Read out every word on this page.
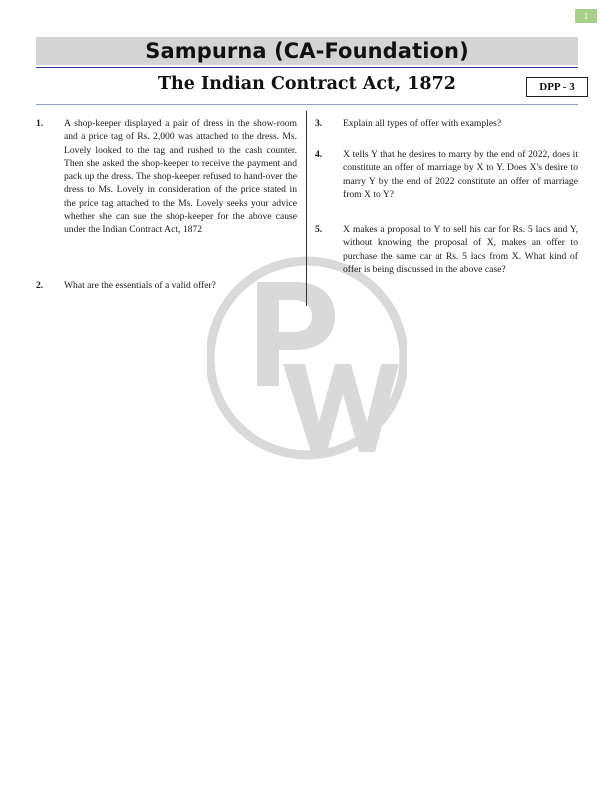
1
Sampurna (CA-Foundation)
The Indian Contract Act, 1872	DPP - 3
1.	A shop-keeper displayed a pair of dress in the show-room and a price tag of Rs. 2,000 was attached to the dress. Ms. Lovely looked to the tag and rushed to the cash counter. Then she asked the shop-keeper to receive the payment and pack up the dress. The shop-keeper refused to hand-over the dress to Ms. Lovely in consideration of the price stated in the price tag attached to the Ms. Lovely seeks your advice whether she can sue the shop-keeper for the above cause under the Indian Contract Act, 1872
2.	What are the essentials of a valid offer?
3.	Explain all types of offer with examples?
4.	X tells Y that he desires to marry by the end of 2022, does it constitute an offer of marriage by X to Y. Does X's desire to marry Y by the end of 2022 constitute an offer of marriage from X to Y?
5.	X makes a proposal to Y to sell his car for Rs. 5 lacs and Y, without knowing the proposal of X, makes an offer to purchase the same car at Rs. 5 lacs from X. What kind of offer is being discussed in the above case?
